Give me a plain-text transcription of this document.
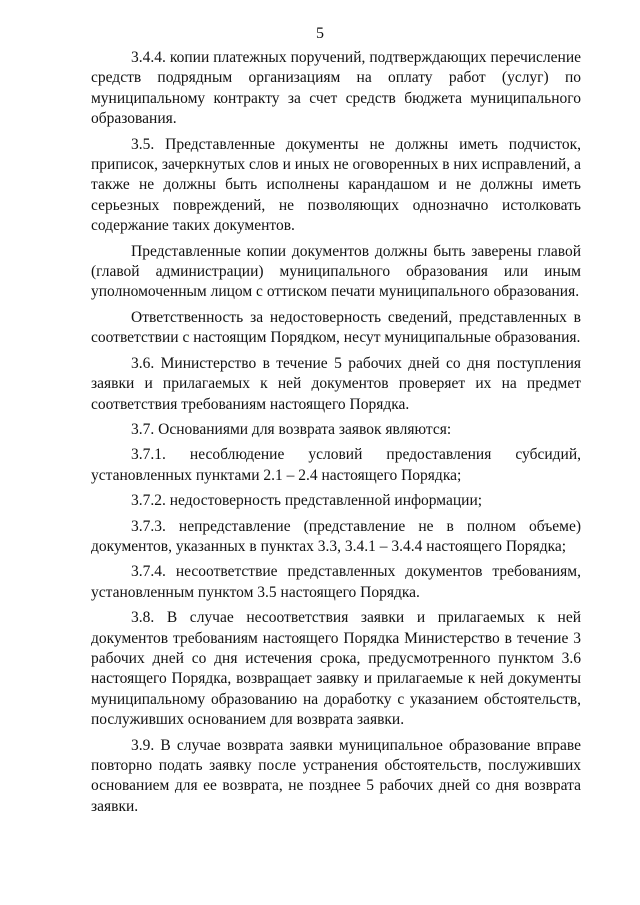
5

3.4.4. копии платежных поручений, подтверждающих перечисление средств подрядным организациям на оплату работ (услуг) по муниципальному контракту за счет средств бюджета муниципального образования.

3.5. Представленные документы не должны иметь подчисток, приписок, зачеркнутых слов и иных не оговоренных в них исправлений, а также не должны быть исполнены карандашом и не должны иметь серьезных повреждений, не позволяющих однозначно истолковать содержание таких документов.

Представленные копии документов должны быть заверены главой (главой администрации) муниципального образования или иным уполномоченным лицом с оттиском печати муниципального образования.

Ответственность за недостоверность сведений, представленных в соответствии с настоящим Порядком, несут муниципальные образования.

3.6. Министерство в течение 5 рабочих дней со дня поступления заявки и прилагаемых к ней документов проверяет их на предмет соответствия требованиям настоящего Порядка.

3.7. Основаниями для возврата заявок являются:

3.7.1. несоблюдение условий предоставления субсидий, установленных пунктами 2.1 – 2.4 настоящего Порядка;

3.7.2. недостоверность представленной информации;

3.7.3. непредставление (представление не в полном объеме) документов, указанных в пунктах 3.3, 3.4.1 – 3.4.4 настоящего Порядка;

3.7.4. несоответствие представленных документов требованиям, установленным пунктом 3.5 настоящего Порядка.

3.8. В случае несоответствия заявки и прилагаемых к ней документов требованиям настоящего Порядка Министерство в течение 3 рабочих дней со дня истечения срока, предусмотренного пунктом 3.6 настоящего Порядка, возвращает заявку и прилагаемые к ней документы муниципальному образованию на доработку с указанием обстоятельств, послуживших основанием для возврата заявки.

3.9. В случае возврата заявки муниципальное образование вправе повторно подать заявку после устранения обстоятельств, послуживших основанием для ее возврата, не позднее 5 рабочих дней со дня возврата заявки.
